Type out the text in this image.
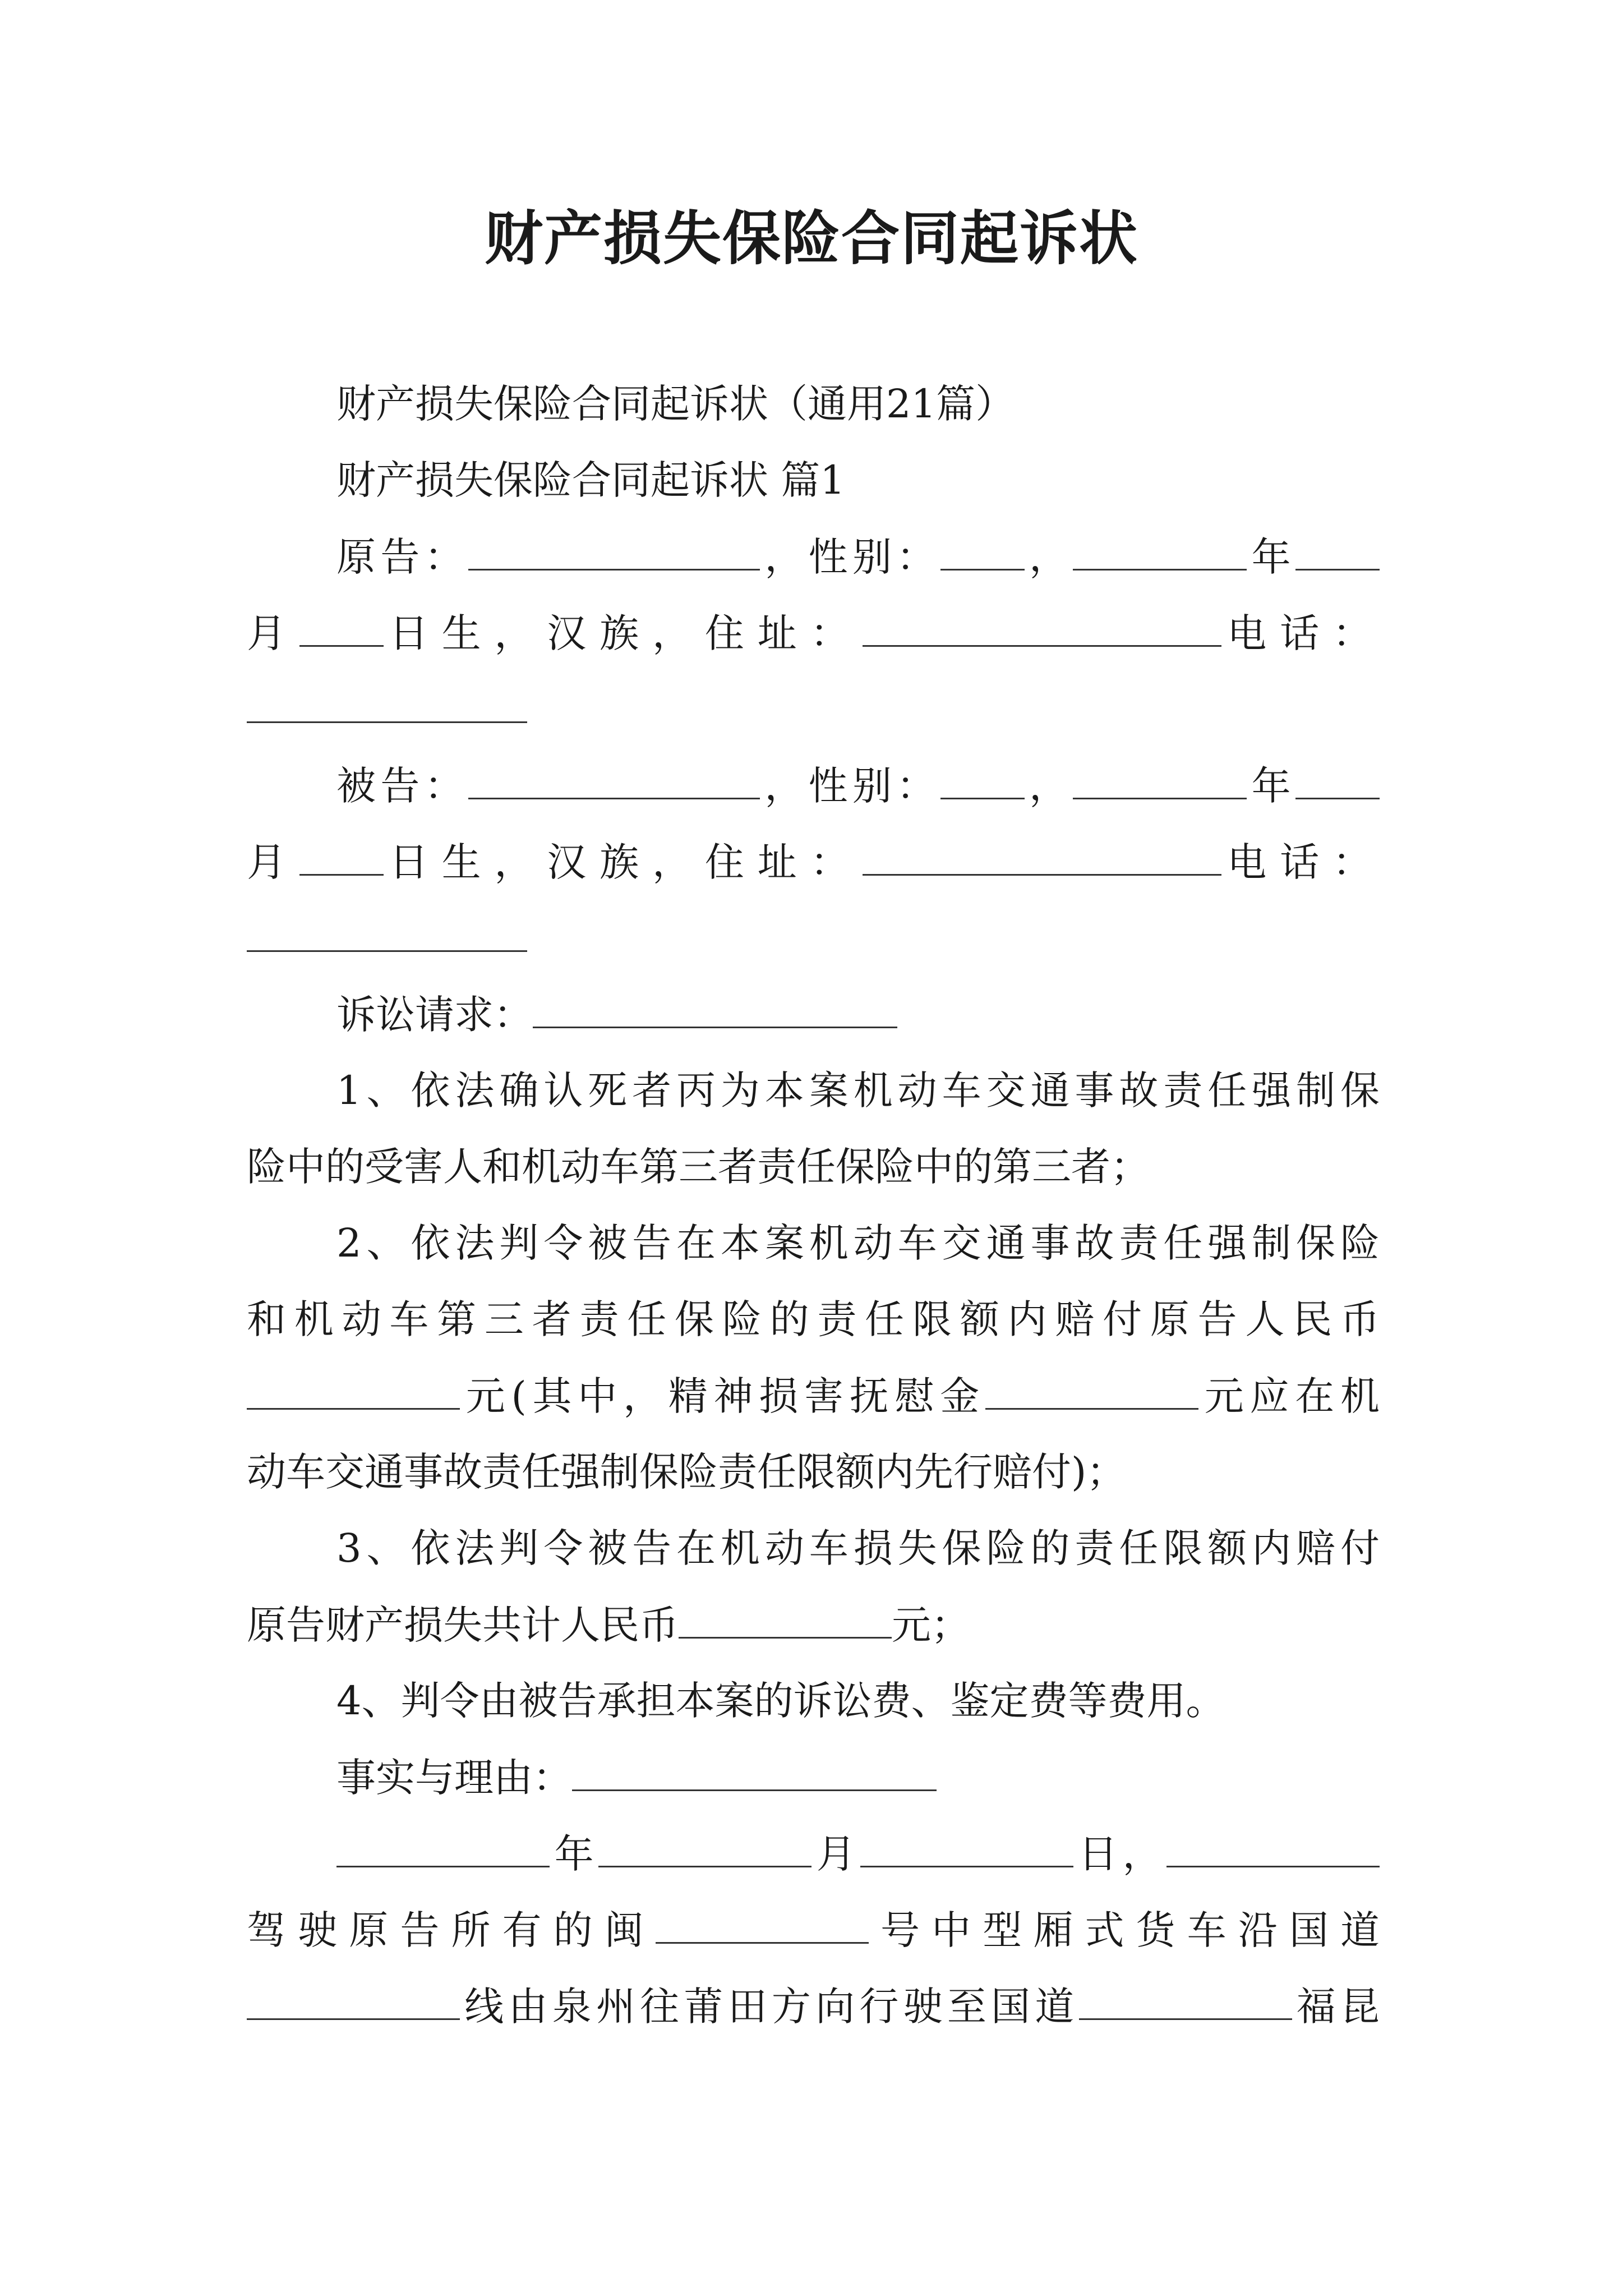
财产损失保险合同起诉状
财产损失保险合同起诉状（通用21篇）
财产损失保险合同起诉状 篇1
原告：	，性别： ，	年
月 日生，汉族，住址：	电话：
被告：	，性别： ，	年
月 日生，汉族，住址：	电话：
诉讼请求：
1、依法确认死者丙为本案机动车交通事故责任强制保
险中的受害人和机动车第三者责任保险中的第三者；
2、依法判令被告在本案机动车交通事故责任强制保险
和机动车第三者责任保险的责任限额内赔付原告人民币
元(其中，精神损害抚慰金	元应在机
动车交通事故责任强制保险责任限额内先行赔付)；
3、依法判令被告在机动车损失保险的责任限额内赔付
原告财产损失共计人民币	元；
4、判令由被告承担本案的诉讼费、鉴定费等费用。
事实与理由：
年	月	日，
驾驶原告所有的闽	号中型厢式货车沿国道
线由泉州往莆田方向行驶至国道	福昆
